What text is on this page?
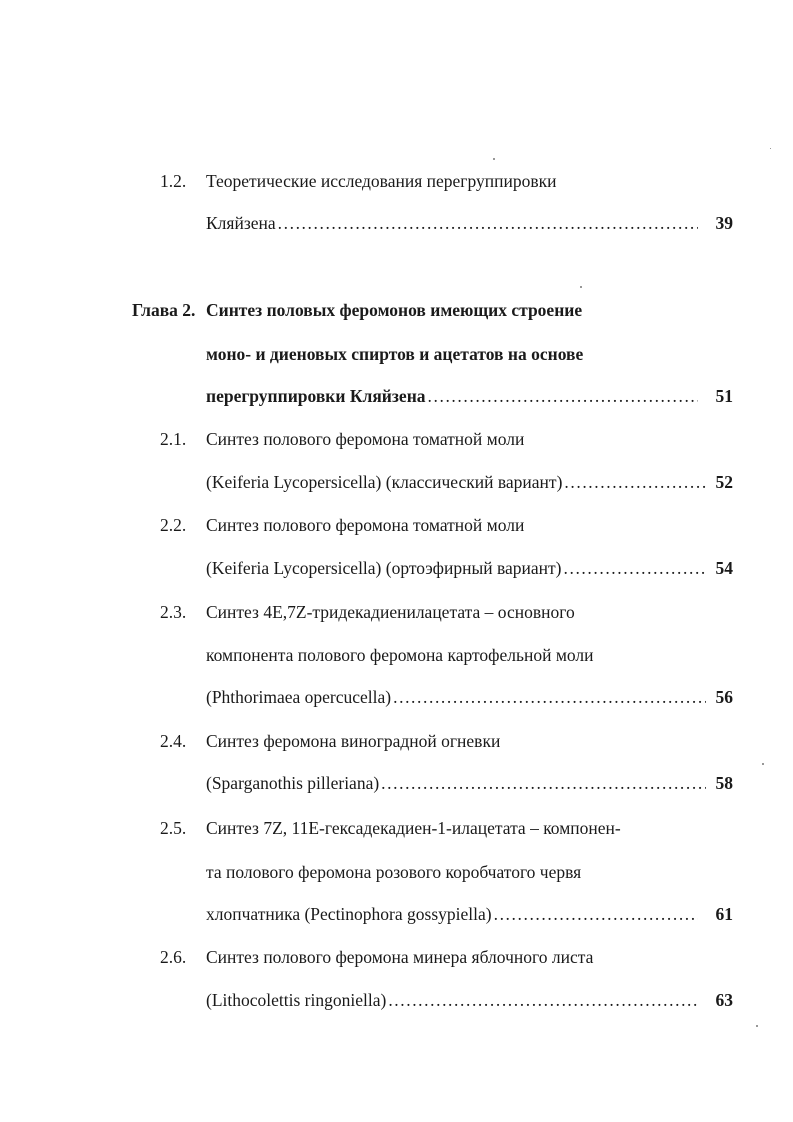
1.2. Теоретические исследования перегруппировки
Кляйзена .....	39
Глава 2. Синтез половых феромонов имеющих строение
моно- и диеновых спиртов и ацетатов на основе
перегруппировки Кляйзена .....	51
2.1. Синтез полового феромона томатной моли
(Keiferia Lycopersicella) (классический вариант) .....	52
2.2. Синтез полового феромона томатной моли
(Keiferia Lycopersicella) (ортоэфирный вариант) .....	54
2.3. Синтез 4E,7Z-тридекадиенилацетата – основного
компонента полового феромона картофельной моли
(Phthorimaea opercucella) .....	56
2.4. Синтез феромона виноградной огневки
(Sparganothis pilleriana) .....	58
2.5. Синтез 7Z, 11E-гексадекадиен-1-илацетата – компонен-
та полового феромона розового коробчатого червя
хлопчатника (Pectinophora gossypiella) .....	61
2.6. Синтез полового феромона минера яблочного листа
(Lithocolettis ringoniella) .....	63
